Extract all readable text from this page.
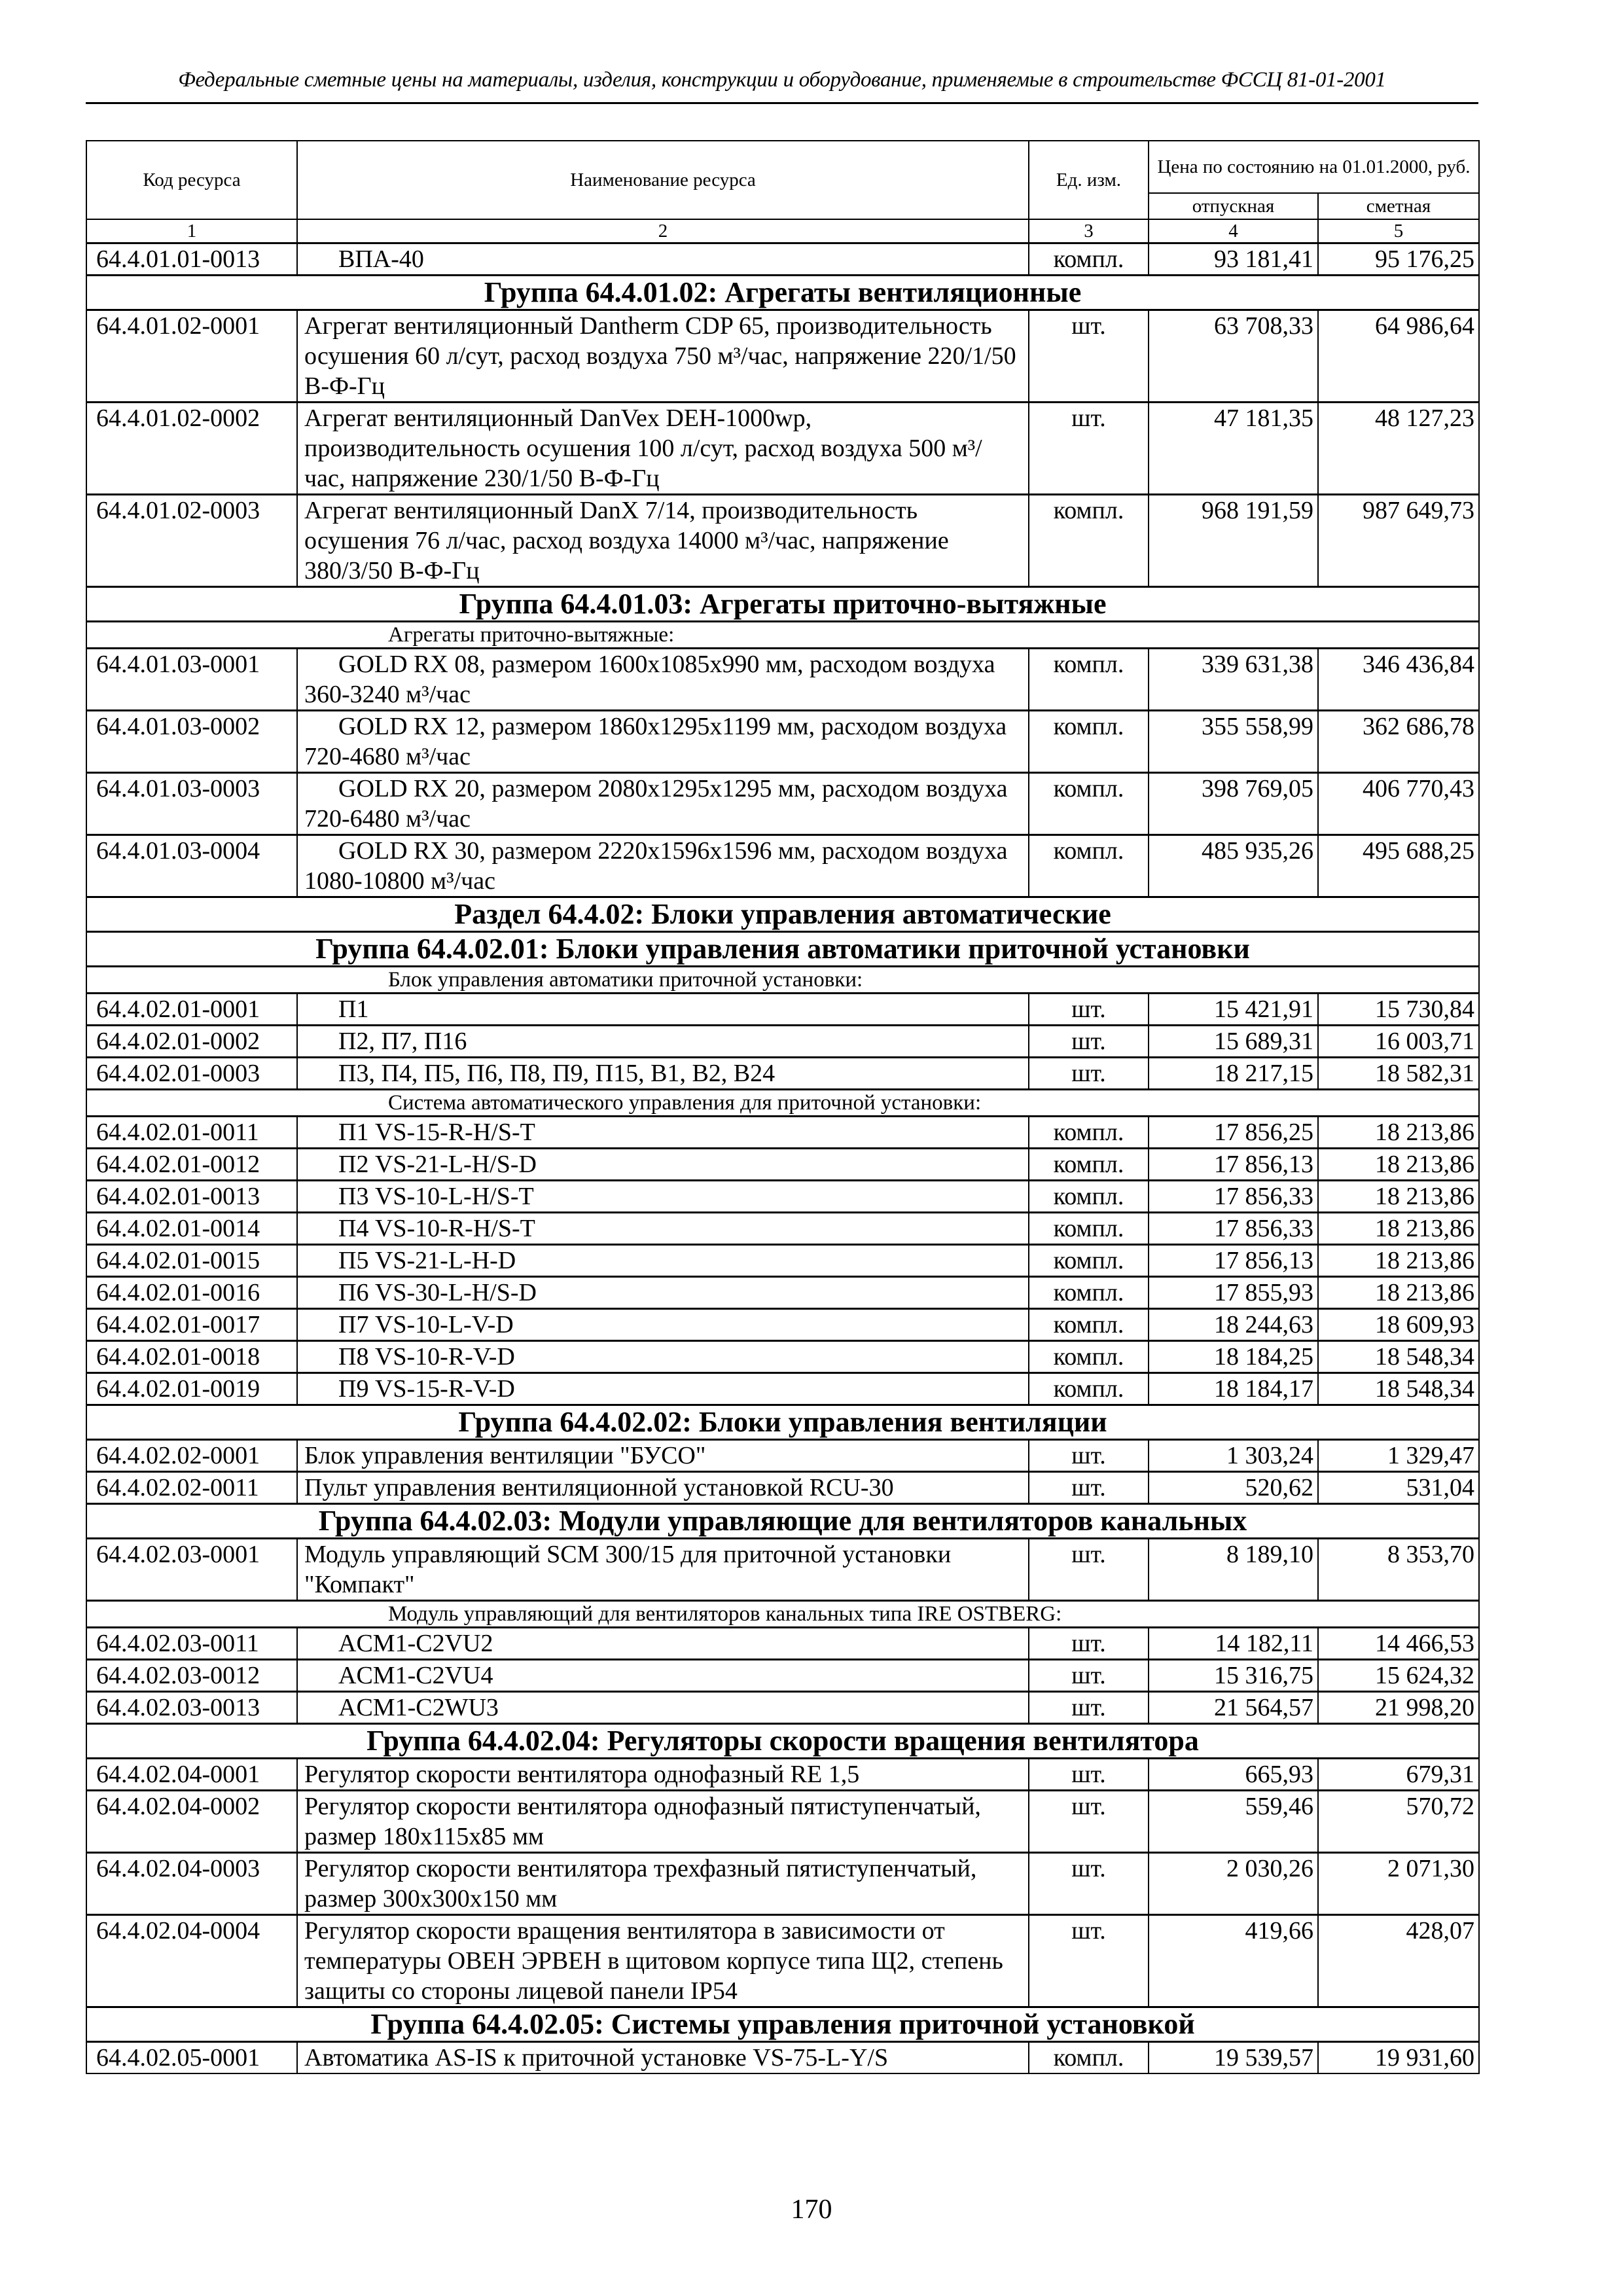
Федеральные сметные цены на материалы, изделия, конструкции и оборудование, применяемые в строительстве ФССЦ 81-01-2001
Код ресурса	Наименование ресурса	Ед. изм.	Цена по состоянию на 01.01.2000, руб.	
			отпускная	сметная
1	2	3	4	5
64.4.01.01-0013	ВПА-40	компл.	93 181,41	95 176,25
Группа 64.4.01.02: Агрегаты вентиляционные				
64.4.01.02-0001	Агрегат вентиляционный Dantherm CDP 65, производительность осушения 60 л/сут, расход воздуха 750 м³/час, напряжение 220/1/50 В-Ф-Гц	шт.	63 708,33	64 986,64
64.4.01.02-0002	Агрегат вентиляционный DanVex DEH-1000wp, производительность осушения 100 л/сут, расход воздуха 500 м³/час, напряжение 230/1/50 В-Ф-Гц	шт.	47 181,35	48 127,23
64.4.01.02-0003	Агрегат вентиляционный DanX 7/14, производительность осушения 76 л/час, расход воздуха 14000 м³/час, напряжение 380/3/50 В-Ф-Гц	компл.	968 191,59	987 649,73
Группа 64.4.01.03: Агрегаты приточно-вытяжные				
Агрегаты приточно-вытяжные:				
64.4.01.03-0001	GOLD RX 08, размером 1600х1085х990 мм, расходом воздуха 360-3240 м³/час	компл.	339 631,38	346 436,84
64.4.01.03-0002	GOLD RX 12, размером 1860х1295х1199 мм, расходом воздуха 720-4680 м³/час	компл.	355 558,99	362 686,78
64.4.01.03-0003	GOLD RX 20, размером 2080х1295х1295 мм, расходом воздуха 720-6480 м³/час	компл.	398 769,05	406 770,43
64.4.01.03-0004	GOLD RX 30, размером 2220х1596х1596 мм, расходом воздуха 1080-10800 м³/час	компл.	485 935,26	495 688,25
Раздел 64.4.02: Блоки управления автоматические				
Группа 64.4.02.01: Блоки управления автоматики приточной установки				
Блок управления автоматики приточной установки:				
64.4.02.01-0001	П1	шт.	15 421,91	15 730,84
64.4.02.01-0002	П2, П7, П16	шт.	15 689,31	16 003,71
64.4.02.01-0003	П3, П4, П5, П6, П8, П9, П15, В1, В2, В24	шт.	18 217,15	18 582,31
Система автоматического управления для приточной установки:				
64.4.02.01-0011	П1 VS-15-R-H/S-T	компл.	17 856,25	18 213,86
64.4.02.01-0012	П2 VS-21-L-H/S-D	компл.	17 856,13	18 213,86
64.4.02.01-0013	П3 VS-10-L-H/S-T	компл.	17 856,33	18 213,86
64.4.02.01-0014	П4 VS-10-R-H/S-T	компл.	17 856,33	18 213,86
64.4.02.01-0015	П5 VS-21-L-H-D	компл.	17 856,13	18 213,86
64.4.02.01-0016	П6 VS-30-L-H/S-D	компл.	17 855,93	18 213,86
64.4.02.01-0017	П7 VS-10-L-V-D	компл.	18 244,63	18 609,93
64.4.02.01-0018	П8 VS-10-R-V-D	компл.	18 184,25	18 548,34
64.4.02.01-0019	П9 VS-15-R-V-D	компл.	18 184,17	18 548,34
Группа 64.4.02.02: Блоки управления вентиляции				
64.4.02.02-0001	Блок управления вентиляции "БУСО"	шт.	1 303,24	1 329,47
64.4.02.02-0011	Пульт управления вентиляционной установкой RCU-30	шт.	520,62	531,04
Группа 64.4.02.03: Модули управляющие для вентиляторов канальных				
64.4.02.03-0001	Модуль управляющий SCM 300/15 для приточной установки "Компакт"	шт.	8 189,10	8 353,70
Модуль управляющий для вентиляторов канальных типа IRE OSTBERG:				
64.4.02.03-0011	ACM1-C2VU2	шт.	14 182,11	14 466,53
64.4.02.03-0012	ACM1-C2VU4	шт.	15 316,75	15 624,32
64.4.02.03-0013	ACM1-C2WU3	шт.	21 564,57	21 998,20
Группа 64.4.02.04: Регуляторы скорости вращения вентилятора				
64.4.02.04-0001	Регулятор скорости вентилятора однофазный RE 1,5	шт.	665,93	679,31
64.4.02.04-0002	Регулятор скорости вентилятора однофазный пятиступенчатый, размер 180х115х85 мм	шт.	559,46	570,72
64.4.02.04-0003	Регулятор скорости вентилятора трехфазный пятиступенчатый, размер 300х300х150 мм	шт.	2 030,26	2 071,30
64.4.02.04-0004	Регулятор скорости вращения вентилятора в зависимости от температуры ОВЕН ЭРВЕН в щитовом корпусе типа Щ2, степень защиты со стороны лицевой панели IP54	шт.	419,66	428,07
Группа 64.4.02.05: Системы управления приточной установкой				
64.4.02.05-0001	Автоматика AS-IS к приточной установке VS-75-L-Y/S	компл.	19 539,57	19 931,60
170
